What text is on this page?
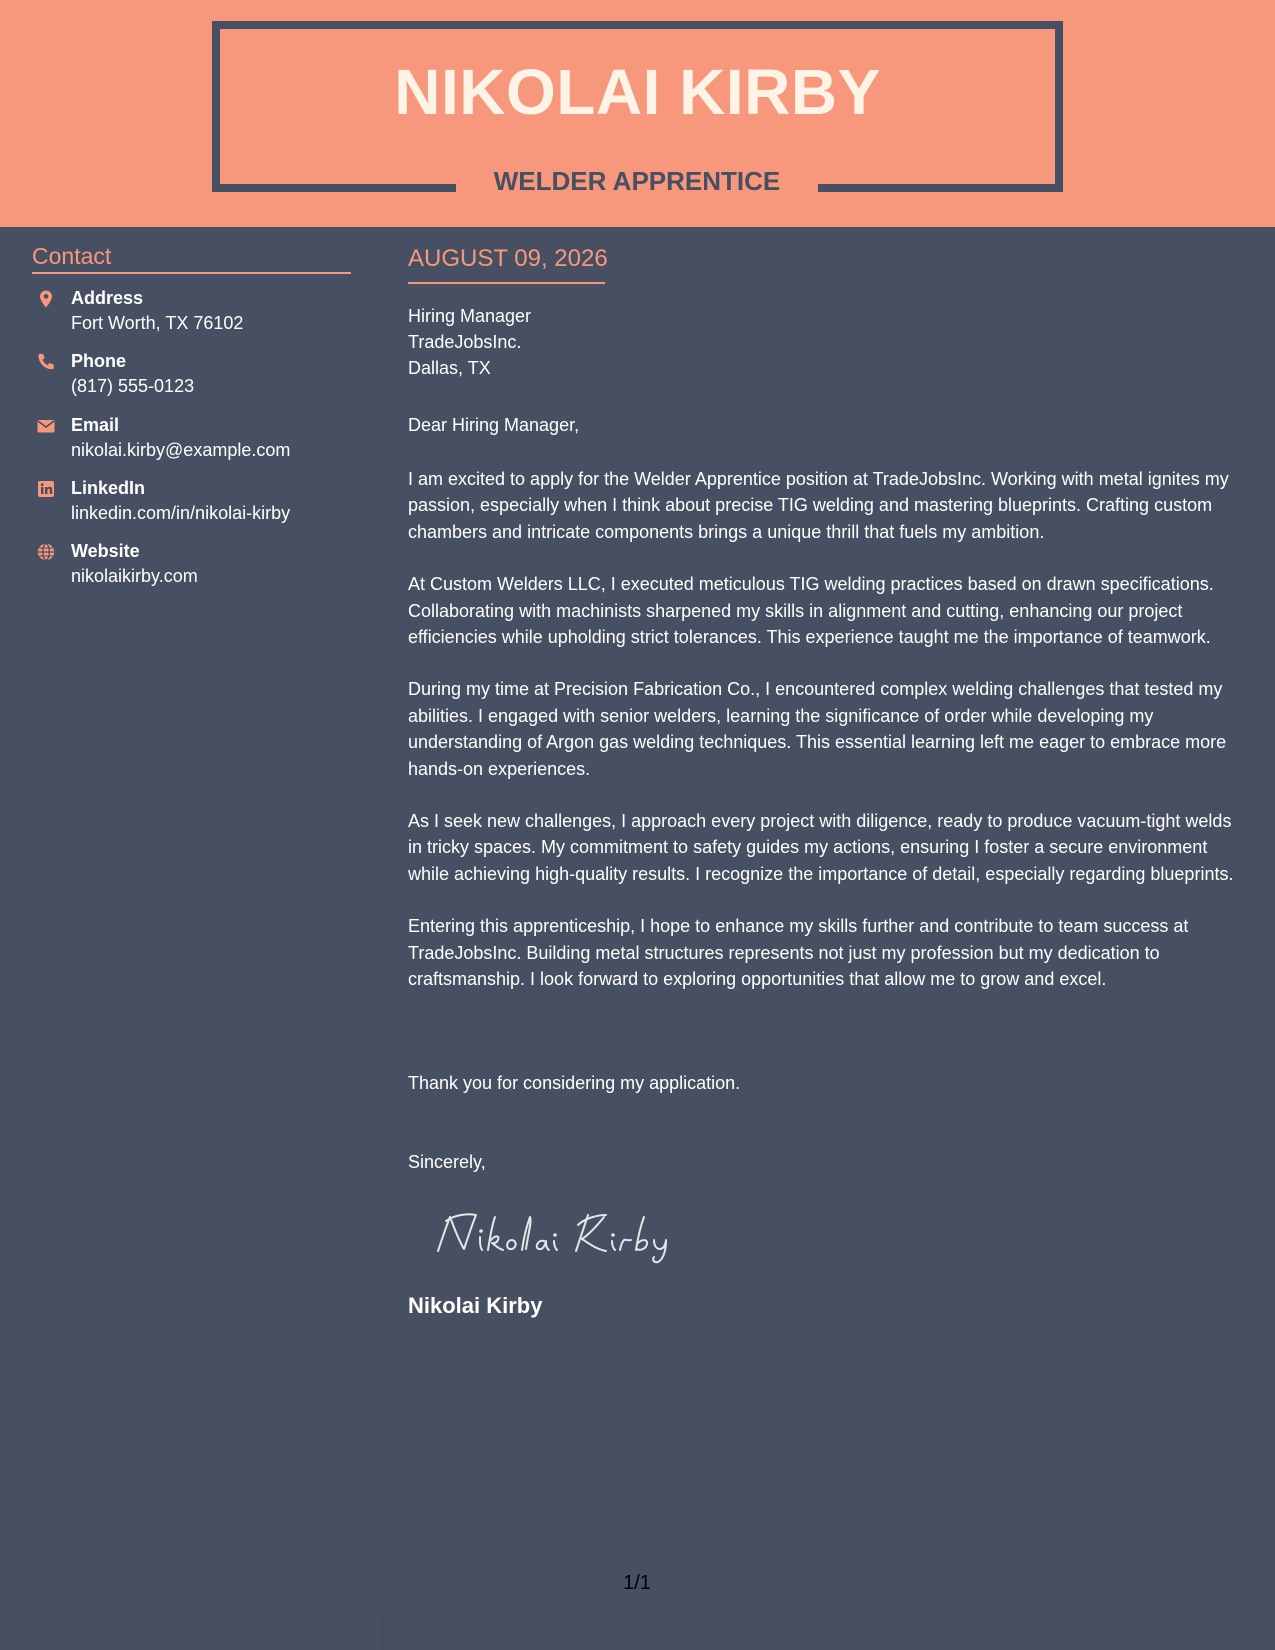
NIKOLAI KIRBY
WELDER APPRENTICE
Contact
Address
Fort Worth, TX 76102
Phone
(817) 555-0123
Email
nikolai.kirby@example.com
LinkedIn
linkedin.com/in/nikolai-kirby
Website
nikolaikirby.com
AUGUST 09, 2026
Hiring Manager
TradeJobsInc.
Dallas, TX
Dear Hiring Manager,

I am excited to apply for the Welder Apprentice position at TradeJobsInc. Working with metal ignites my passion, especially when I think about precise TIG welding and mastering blueprints. Crafting custom chambers and intricate components brings a unique thrill that fuels my ambition.

At Custom Welders LLC, I executed meticulous TIG welding practices based on drawn specifications. Collaborating with machinists sharpened my skills in alignment and cutting, enhancing our project efficiencies while upholding strict tolerances. This experience taught me the importance of teamwork.

During my time at Precision Fabrication Co., I encountered complex welding challenges that tested my abilities. I engaged with senior welders, learning the significance of order while developing my understanding of Argon gas welding techniques. This essential learning left me eager to embrace more hands-on experiences.

As I seek new challenges, I approach every project with diligence, ready to produce vacuum-tight welds in tricky spaces. My commitment to safety guides my actions, ensuring I foster a secure environment while achieving high-quality results. I recognize the importance of detail, especially regarding blueprints.

Entering this apprenticeship, I hope to enhance my skills further and contribute to team success at TradeJobsInc. Building metal structures represents not just my profession but my dedication to craftsmanship. I look forward to exploring opportunities that allow me to grow and excel.

Thank you for considering my application.
Sincerely,
Nikolai Kirby
1/1
